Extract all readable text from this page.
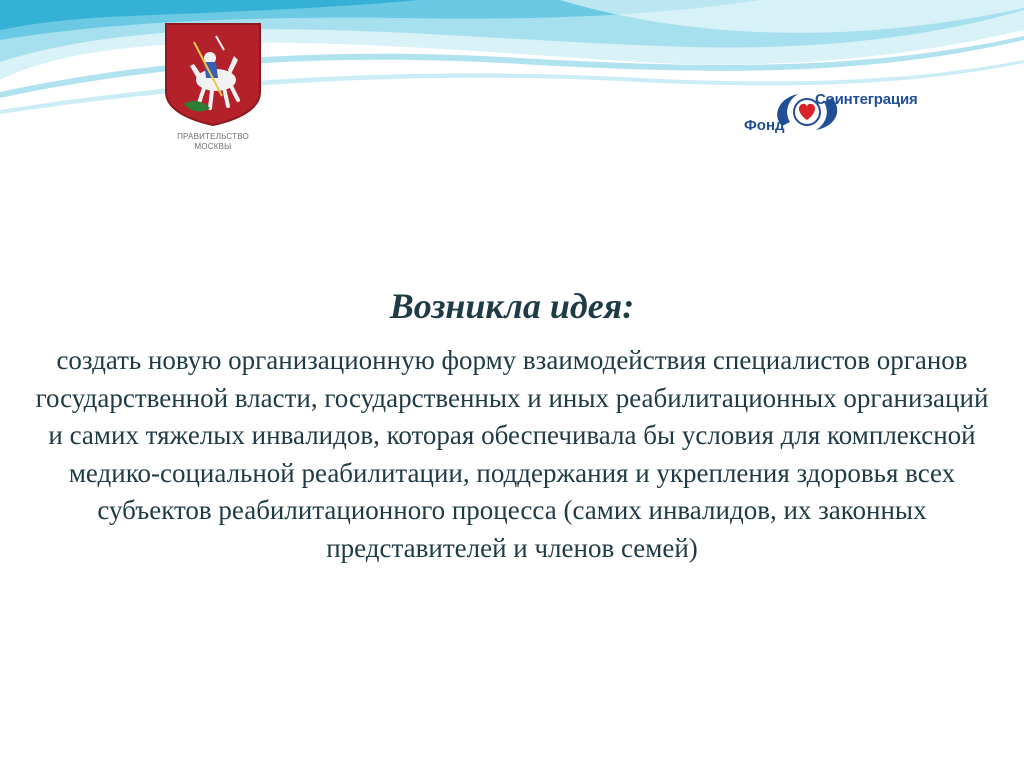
ПРАВИТЕЛЬСТВО
МОСКВЫ
Соинтеграция
Фонд
Возникла идея:
создать новую организационную форму взаимодействия специалистов органов государственной власти, государственных и иных реабилитационных организаций и самих тяжелых инвалидов, которая обеспечивала бы условия для комплексной медико-социальной реабилитации, поддержания и укрепления здоровья всех субъектов реабилитационного процесса (самих инвалидов, их законных представителей и членов семей)
